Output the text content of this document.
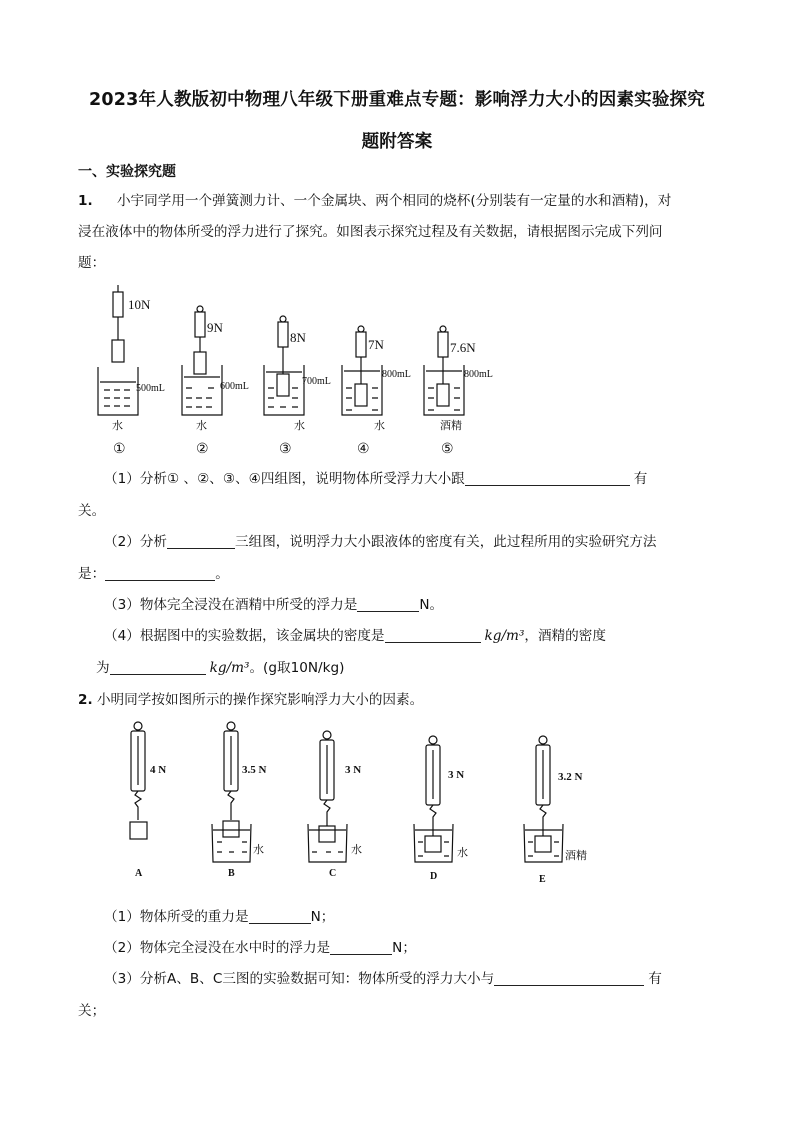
2023年人教版初中物理八年级下册重难点专题：影响浮力大小的因素实验探究
题附答案
一、实验探究题
1. 小宇同学用一个弹簧测力计、一个金属块、两个相同的烧杯(分别装有一定量的水和酒精)，对
浸在液体中的物体所受的浮力进行了探究。如图表示探究过程及有关数据，请根据图示完成下列问
题：
10N
9N
8N	7N	7.6N
500mL	600mL	700mL
800mL	800mL
水	水	水	水	酒精
①	②	③	④	⑤
（1）分析① 、②、③、④四组图，说明物体所受浮力大小跟	有
关。
（2）分析	三组图，说明浮力大小跟液体的密度有关，此过程所用的实验研究方法
是：	。
（3）物体完全浸没在酒精中所受的浮力是	N。
（4）根据图中的实验数据，该金属块的密度是	kg/m³，酒精的密度
为	kg/m³。(g取10N/kg)
2. 小明同学按如图所示的操作探究影响浮力大小的因素。
4 N	3.5 N	3 N	3 N	3.2 N
水	水	水	酒精
A	B	C	D	E
（1）物体所受的重力是	N；
（2）物体完全浸没在水中时的浮力是	N；
（3）分析A、B、C三图的实验数据可知：物体所受的浮力大小与	有
关；
